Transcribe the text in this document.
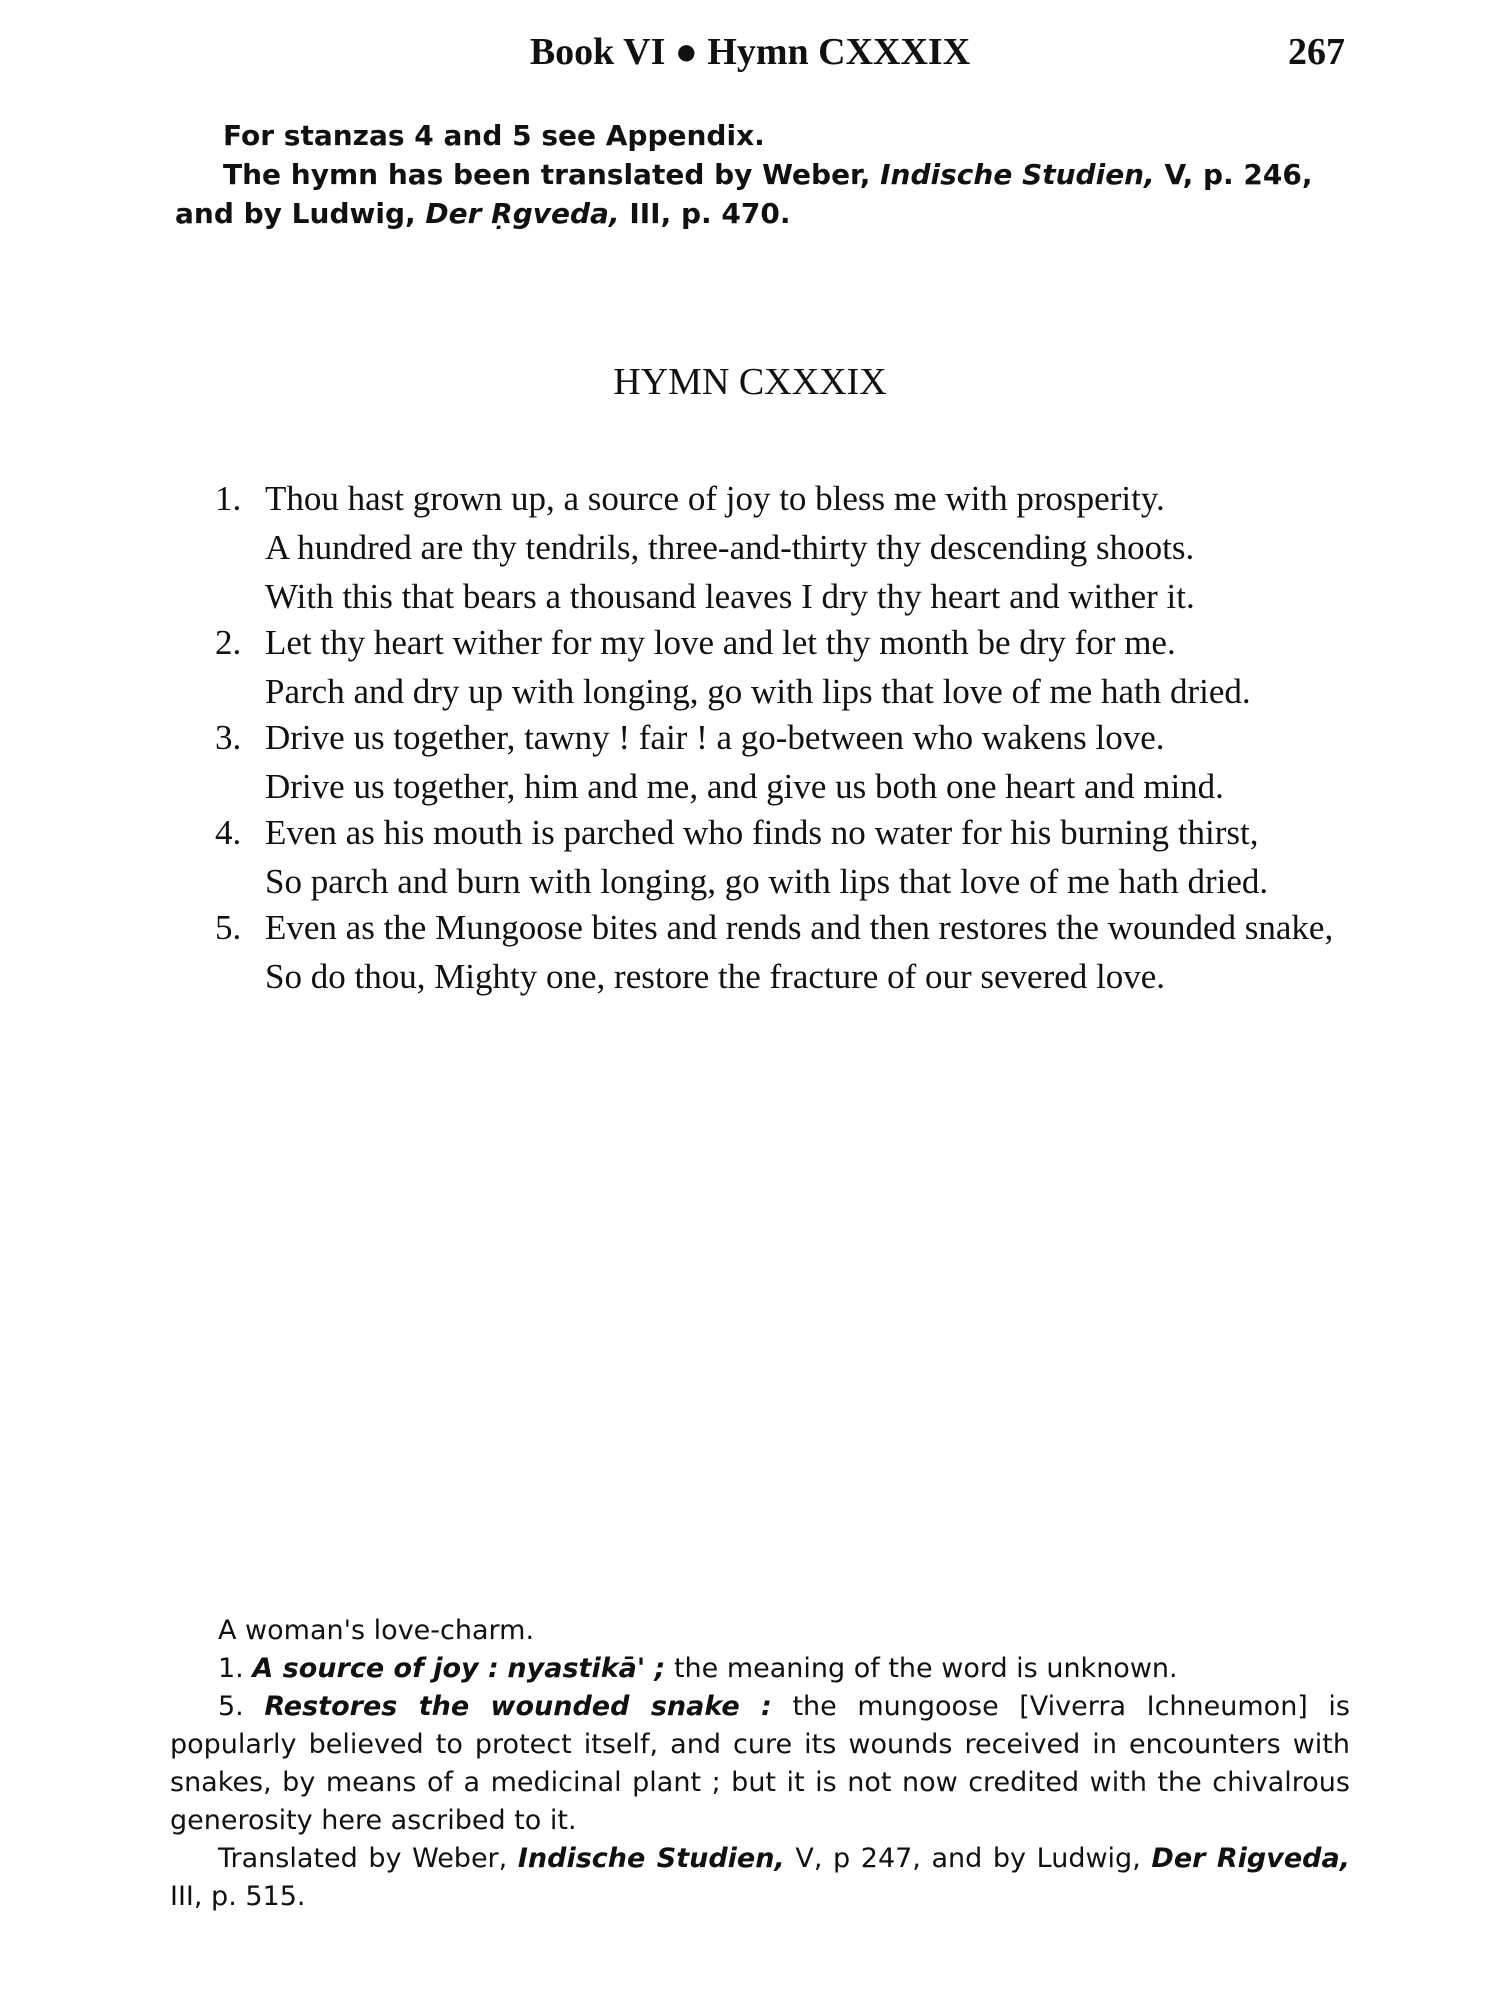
Book VI ● Hymn CXXXIX	267

For stanzas 4 and 5 see Appendix.

The hymn has been translated by Weber, Indische Studien, V, p. 246, and by Ludwig, Der Ṛgveda, III, p. 470.

HYMN CXXXIX
1. Thou hast grown up, a source of joy to bless me with prosperity.

A hundred are thy tendrils, three-and-thirty thy descending shoots.

With this that bears a thousand leaves I dry thy heart and wither it.

2. Let thy heart wither for my love and let thy month be dry for me.

Parch and dry up with longing, go with lips that love of me hath dried.

3. Drive us together, tawny ! fair ! a go-between who wakens love.

Drive us together, him and me, and give us both one heart and mind.

4. Even as his mouth is parched who finds no water for his burning thirst,

So parch and burn with longing, go with lips that love of me hath dried.

5. Even as the Mungoose bites and rends and then restores the wounded snake,

So do thou, Mighty one, restore the fracture of our severed love.

A woman's love-charm.

1. A source of joy : nyastikā' ; the meaning of the word is unknown.

5. Restores the wounded snake : the mungoose [Viverra Ichneumon] is popularly believed to protect itself, and cure its wounds received in encounters with snakes, by means of a medicinal plant ; but it is not now credited with the chivalrous generosity here ascribed to it.

Translated by Weber, Indische Studien, V, p 247, and by Ludwig, Der Rigveda, III, p. 515.
